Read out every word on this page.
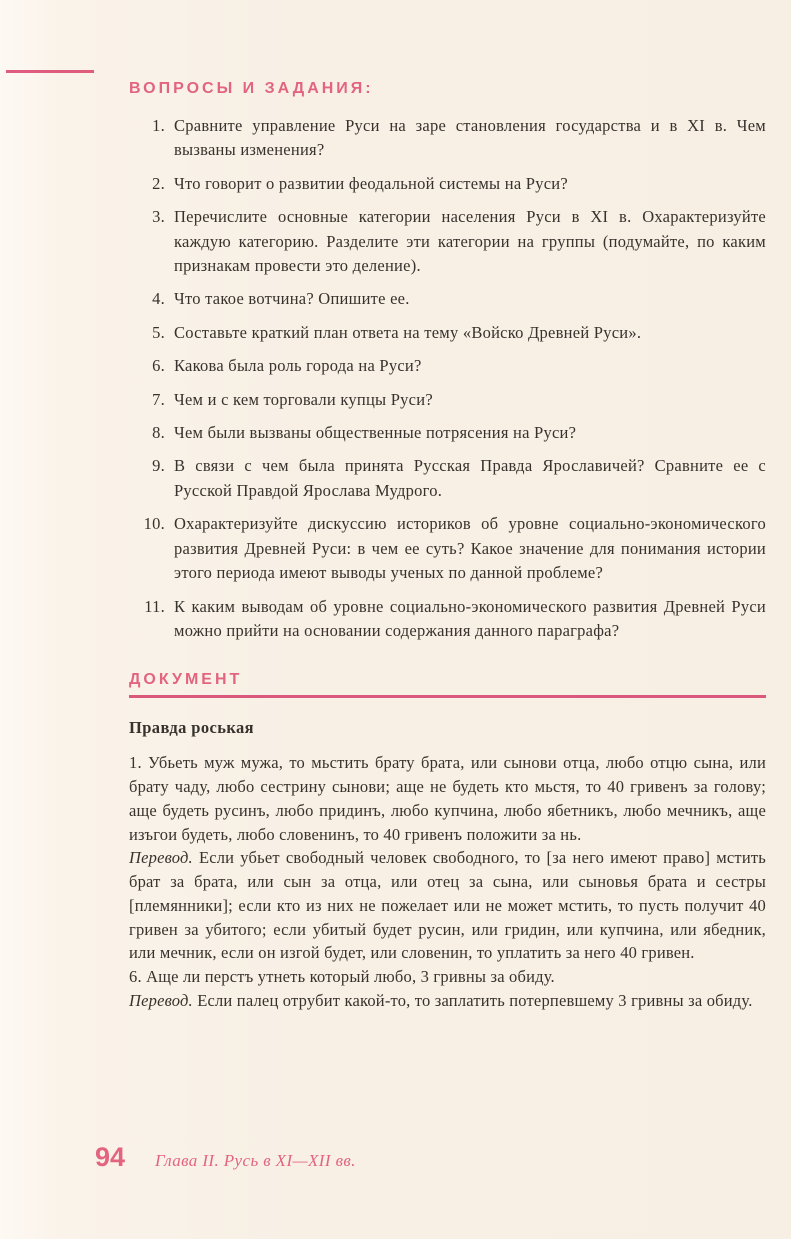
ВОПРОСЫ И ЗАДАНИЯ:
1. Сравните управление Руси на заре становления государства и в XI в. Чем вызваны изменения?
2. Что говорит о развитии феодальной системы на Руси?
3. Перечислите основные категории населения Руси в XI в. Охарактеризуйте каждую категорию. Разделите эти категории на группы (подумайте, по каким признакам провести это деление).
4. Что такое вотчина? Опишите ее.
5. Составьте краткий план ответа на тему «Войско Древней Руси».
6. Какова была роль города на Руси?
7. Чем и с кем торговали купцы Руси?
8. Чем были вызваны общественные потрясения на Руси?
9. В связи с чем была принята Русская Правда Ярославичей? Сравните ее с Русской Правдой Ярослава Мудрого.
10. Охарактеризуйте дискуссию историков об уровне социально-экономического развития Древней Руси: в чем ее суть? Какое значение для понимания истории этого периода имеют выводы ученых по данной проблеме?
11. К каким выводам об уровне социально-экономического развития Древней Руси можно прийти на основании содержания данного параграфа?
ДОКУМЕНТ
Правда роськая

1. Убьеть муж мужа, то мьстить брату брата, или сынови отца, любо отцю сына, или брату чаду, любо сестрину сынови; аще не будеть кто мьстя, то 40 гривенъ за голову; аще будеть русинъ, любо придинъ, любо купчина, любо ябетникъ, любо мечникъ, аще изъгои будеть, любо словенинъ, то 40 гривенъ положити за нь.

Перевод. Если убьет свободный человек свободного, то [за него имеют право] мстить брат за брата, или сын за отца, или отец за сына, или сыновья брата и сестры [племянники]; если кто из них не пожелает или не может мстить, то пусть получит 40 гривен за убитого; если убитый будет русин, или гридин, или купчина, или ябедник, или мечник, если он изгой будет, или словенин, то уплатить за него 40 гривен.

6. Аще ли перстъ утнеть который любо, 3 гривны за обиду.

Перевод. Если палец отрубит какой-то, то заплатить потерпевшему 3 гривны за обиду.

94 Глава II. Русь в XI—XII вв.
